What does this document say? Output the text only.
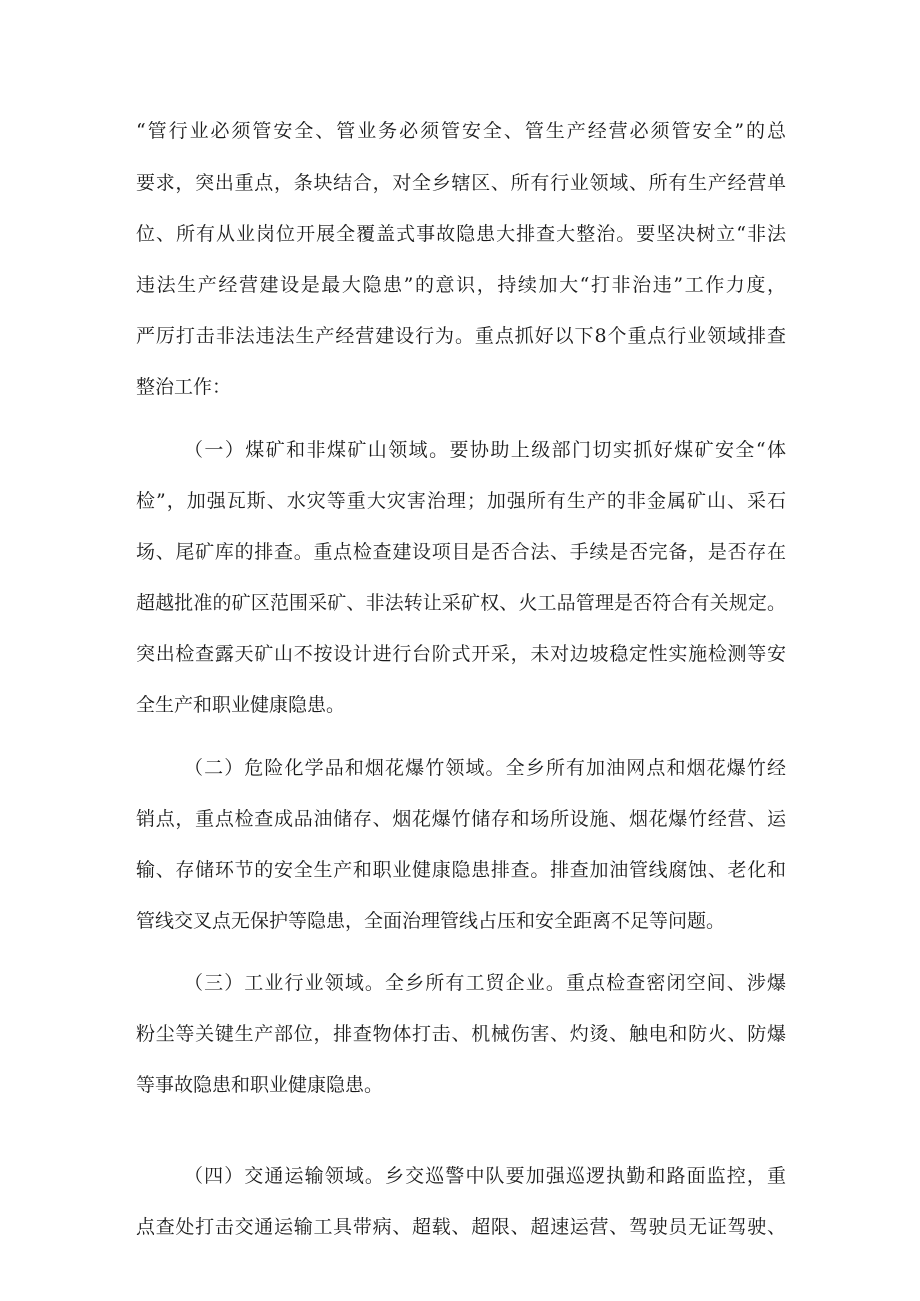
“管行业必须管安全、管业务必须管安全、管生产经营必须管安全”的总
要求，突出重点，条块结合，对全乡辖区、所有行业领域、所有生产经营单
位、所有从业岗位开展全覆盖式事故隐患大排查大整治。要坚决树立“非法
违法生产经营建设是最大隐患”的意识，持续加大“打非治违”工作力度，
严厉打击非法违法生产经营建设行为。重点抓好以下8个重点行业领域排查
整治工作：
（一）煤矿和非煤矿山领域。要协助上级部门切实抓好煤矿安全“体
检”，加强瓦斯、水灾等重大灾害治理；加强所有生产的非金属矿山、采石
场、尾矿库的排查。重点检查建设项目是否合法、手续是否完备，是否存在
超越批准的矿区范围采矿、非法转让采矿权、火工品管理是否符合有关规定。
突出检查露天矿山不按设计进行台阶式开采，未对边坡稳定性实施检测等安
全生产和职业健康隐患。
（二）危险化学品和烟花爆竹领域。全乡所有加油网点和烟花爆竹经
销点，重点检查成品油储存、烟花爆竹储存和场所设施、烟花爆竹经营、运
输、存储环节的安全生产和职业健康隐患排查。排查加油管线腐蚀、老化和
管线交叉点无保护等隐患，全面治理管线占压和安全距离不足等问题。
（三）工业行业领域。全乡所有工贸企业。重点检查密闭空间、涉爆
粉尘等关键生产部位，排查物体打击、机械伤害、灼烫、触电和防火、防爆
等事故隐患和职业健康隐患。
（四）交通运输领域。乡交巡警中队要加强巡逻执勤和路面监控，重
点查处打击交通运输工具带病、超载、超限、超速运营、驾驶员无证驾驶、
